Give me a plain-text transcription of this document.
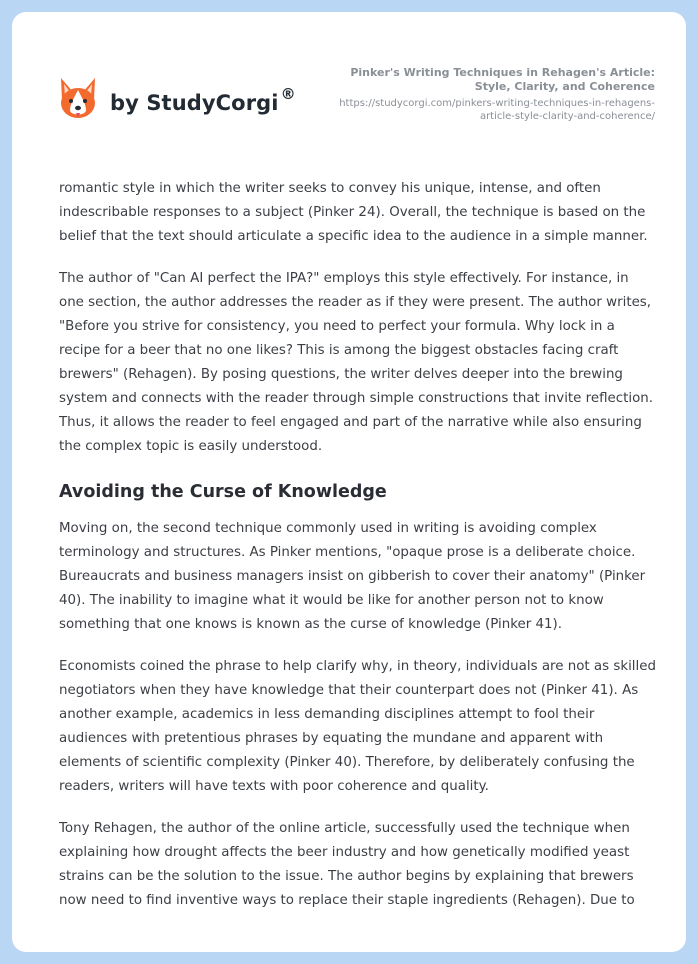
by StudyCorgi ®
Pinker's Writing Techniques in Rehagen's Article: Style, Clarity, and Coherence
https://studycorgi.com/pinkers-writing-techniques-in-rehagens-article-style-clarity-and-coherence/

romantic style in which the writer seeks to convey his unique, intense, and often indescribable responses to a subject (Pinker 24). Overall, the technique is based on the belief that the text should articulate a specific idea to the audience in a simple manner.

The author of "Can AI perfect the IPA?" employs this style effectively. For instance, in one section, the author addresses the reader as if they were present. The author writes, "Before you strive for consistency, you need to perfect your formula. Why lock in a recipe for a beer that no one likes? This is among the biggest obstacles facing craft brewers" (Rehagen). By posing questions, the writer delves deeper into the brewing system and connects with the reader through simple constructions that invite reflection. Thus, it allows the reader to feel engaged and part of the narrative while also ensuring the complex topic is easily understood.

Avoiding the Curse of Knowledge

Moving on, the second technique commonly used in writing is avoiding complex terminology and structures. As Pinker mentions, "opaque prose is a deliberate choice. Bureaucrats and business managers insist on gibberish to cover their anatomy" (Pinker 40). The inability to imagine what it would be like for another person not to know something that one knows is known as the curse of knowledge (Pinker 41).

Economists coined the phrase to help clarify why, in theory, individuals are not as skilled negotiators when they have knowledge that their counterpart does not (Pinker 41). As another example, academics in less demanding disciplines attempt to fool their audiences with pretentious phrases by equating the mundane and apparent with elements of scientific complexity (Pinker 40). Therefore, by deliberately confusing the readers, writers will have texts with poor coherence and quality.

Tony Rehagen, the author of the online article, successfully used the technique when explaining how drought affects the beer industry and how genetically modified yeast strains can be the solution to the issue. The author begins by explaining that brewers now need to find inventive ways to replace their staple ingredients (Rehagen). Due to
